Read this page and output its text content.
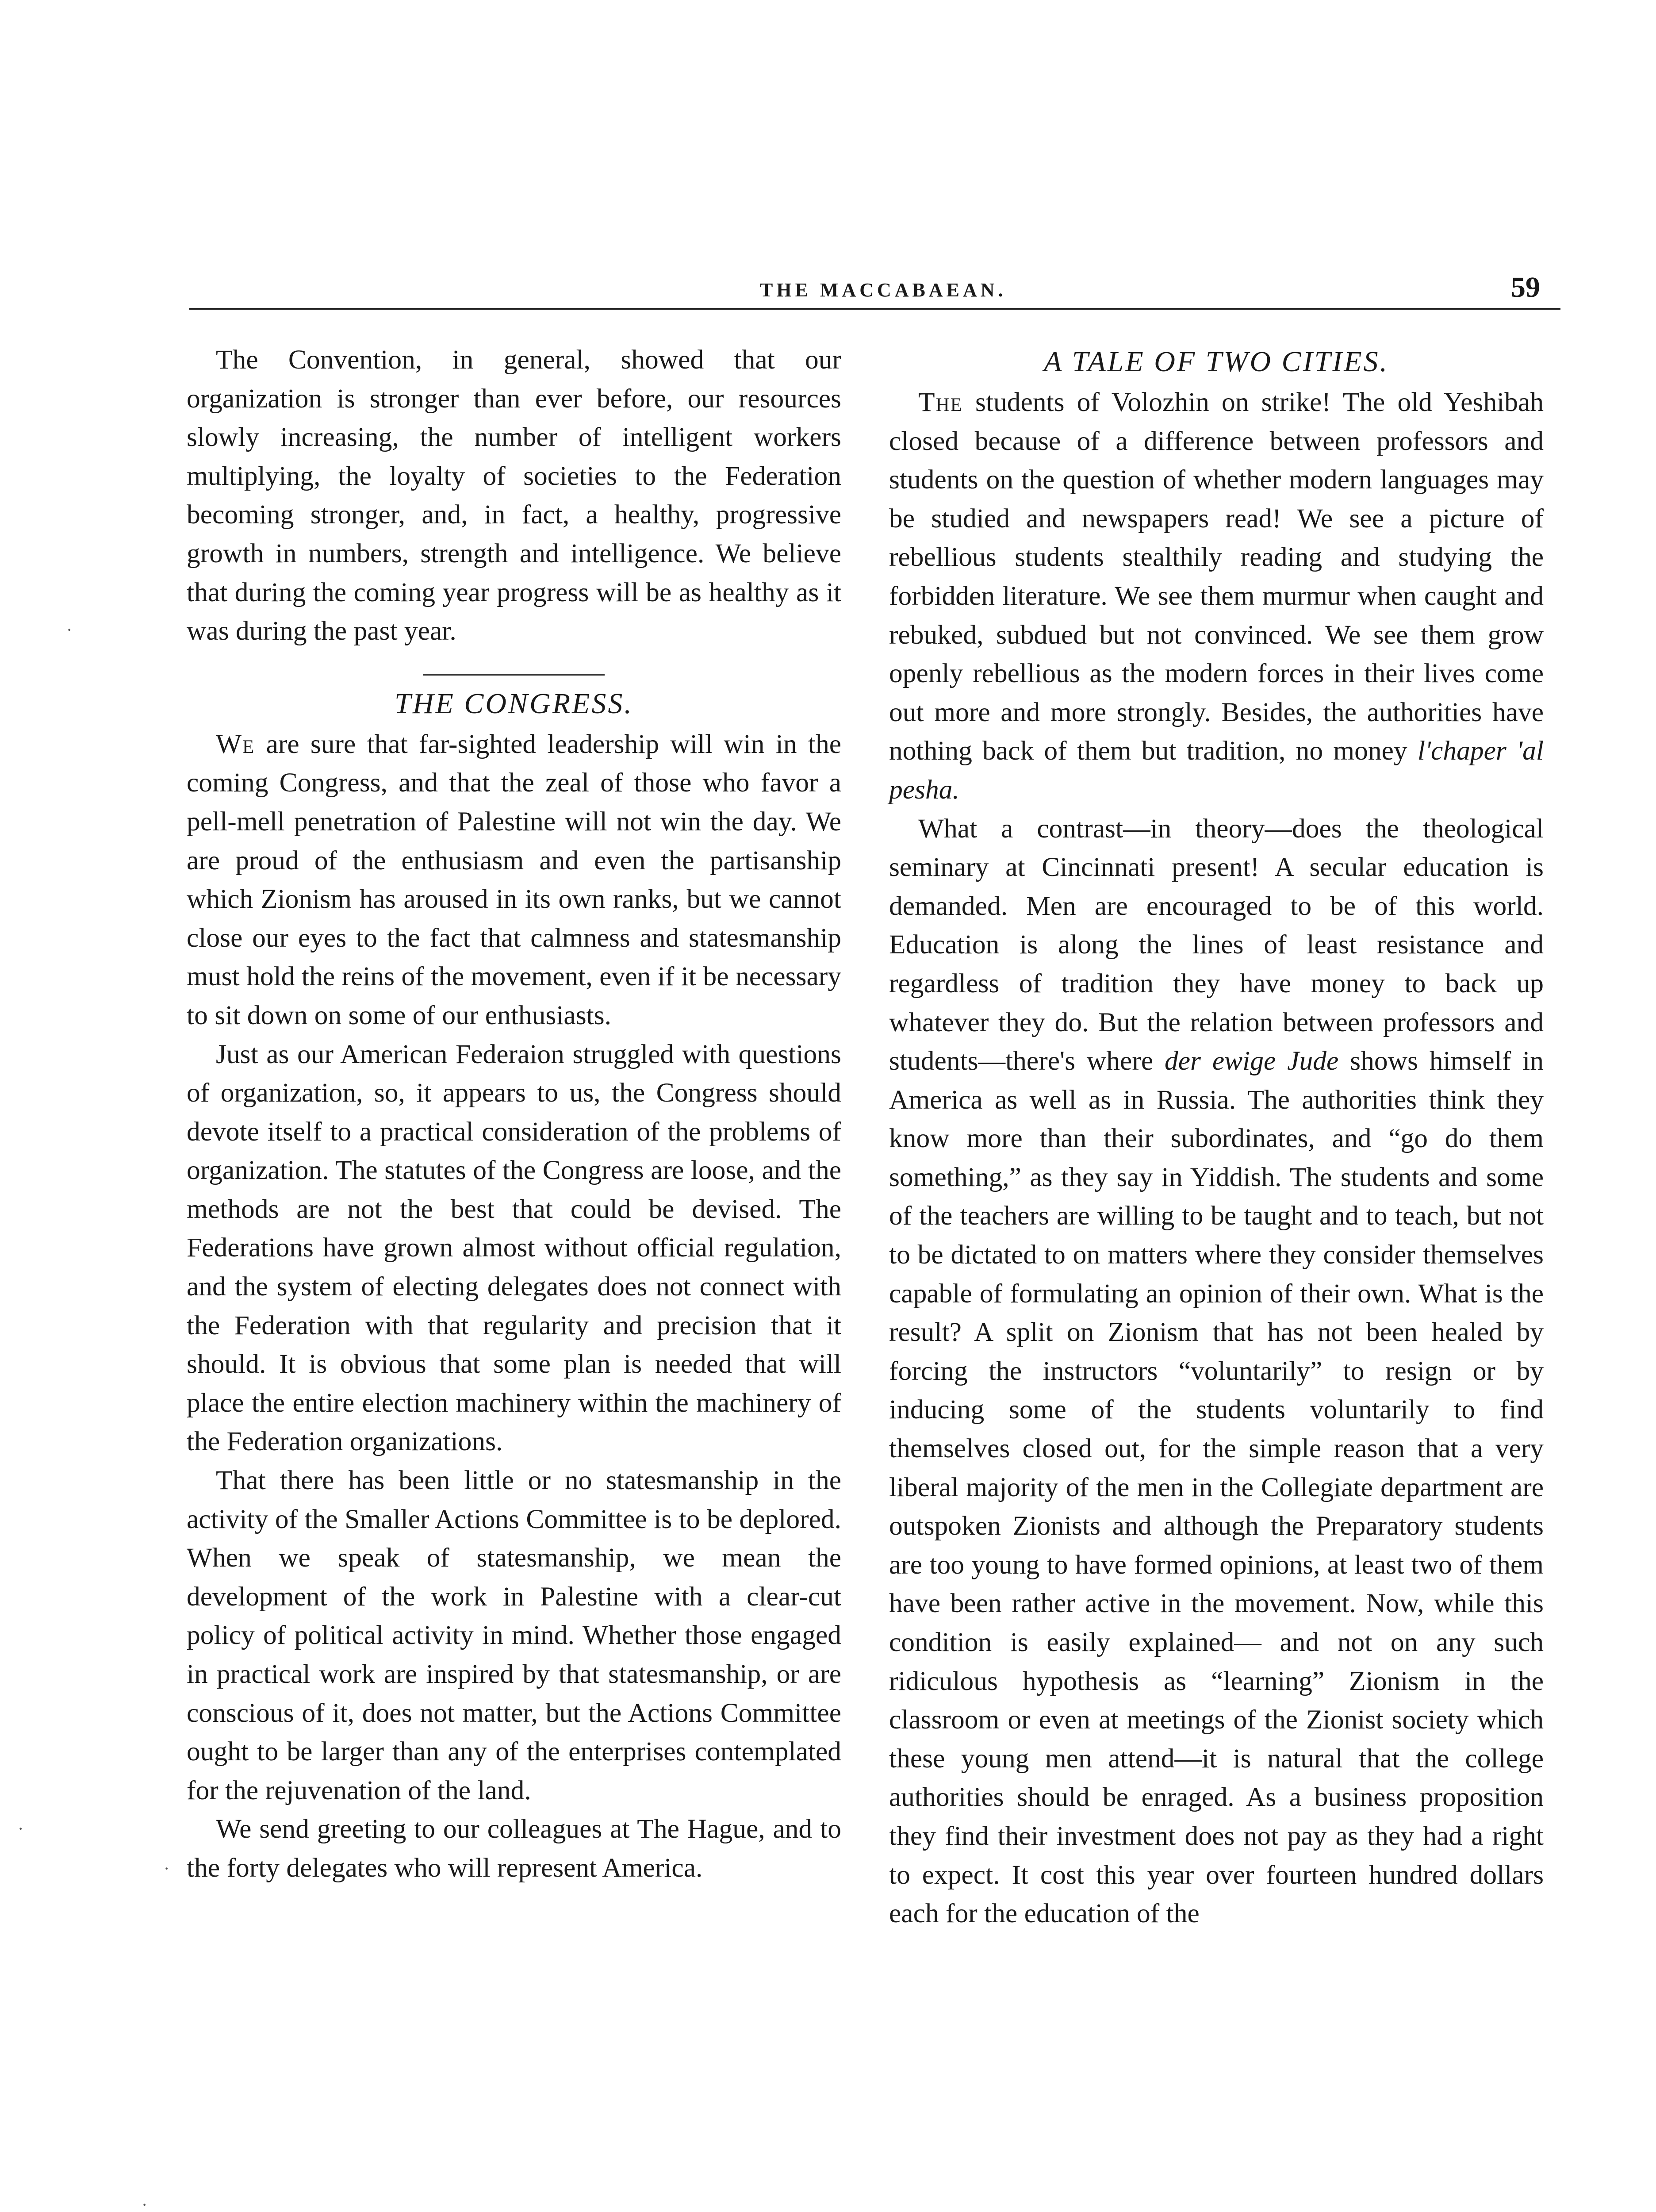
THE MACCABAEAN.	59

The Convention, in general, showed that our organization is stronger than ever before, our resources slowly increasing, the number of intelligent workers multiplying, the loyalty of societies to the Federation becoming stronger, and, in fact, a healthy, progressive growth in numbers, strength and intelligence. We believe that during the coming year progress will be as healthy as it was during the past year.

THE CONGRESS.

We are sure that far-sighted leadership will win in the coming Congress, and that the zeal of those who favor a pell-mell penetration of Palestine will not win the day. We are proud of the enthusiasm and even the partisanship which Zionism has aroused in its own ranks, but we cannot close our eyes to the fact that calmness and statesmanship must hold the reins of the movement, even if it be necessary to sit down on some of our enthusiasts.

Just as our American Federaion struggled with questions of organization, so, it appears to us, the Congress should devote itself to a practical consideration of the problems of organization. The statutes of the Congress are loose, and the methods are not the best that could be devised. The Federations have grown almost without official regulation, and the system of electing delegates does not connect with the Federation with that regularity and precision that it should. It is obvious that some plan is needed that will place the entire election machinery within the machinery of the Federation organizations.

That there has been little or no statesmanship in the activity of the Smaller Actions Committee is to be deplored. When we speak of statesmanship, we mean the development of the work in Palestine with a clear-cut policy of political activity in mind. Whether those engaged in practical work are inspired by that statesmanship, or are conscious of it, does not matter, but the Actions Committee ought to be larger than any of the enterprises contemplated for the rejuvenation of the land.

We send greeting to our colleagues at The Hague, and to the forty delegates who will represent America.

A TALE OF TWO CITIES.

The students of Volozhin on strike! The old Yeshibah closed because of a difference between professors and students on the question of whether modern languages may be studied and newspapers read! We see a picture of rebellious students stealthily reading and studying the forbidden literature. We see them murmur when caught and rebuked, subdued but not convinced. We see them grow openly rebellious as the modern forces in their lives come out more and more strongly. Besides, the authorities have nothing back of them but tradition, no money l'chaper 'al pesha.

What a contrast—in theory—does the theological seminary at Cincinnati present! A secular education is demanded. Men are encouraged to be of this world. Education is along the lines of least resistance and regardless of tradition they have money to back up whatever they do. But the relation between professors and students—there's where der ewige Jude shows himself in America as well as in Russia. The authorities think they know more than their subordinates, and “go do them something,” as they say in Yiddish. The students and some of the teachers are willing to be taught and to teach, but not to be dictated to on matters where they consider themselves capable of formulating an opinion of their own. What is the result? A split on Zionism that has not been healed by forcing the instructors “voluntarily” to resign or by inducing some of the students voluntarily to find themselves closed out, for the simple reason that a very liberal majority of the men in the Collegiate department are outspoken Zionists and although the Preparatory students are too young to have formed opinions, at least two of them have been rather active in the movement. Now, while this condition is easily explained— and not on any such ridiculous hypothesis as “learning” Zionism in the classroom or even at meetings of the Zionist society which these young men attend—it is natural that the college authorities should be enraged. As a business proposition they find their investment does not pay as they had a right to expect. It cost this year over fourteen hundred dollars each for the education of the

·
·
·
·
